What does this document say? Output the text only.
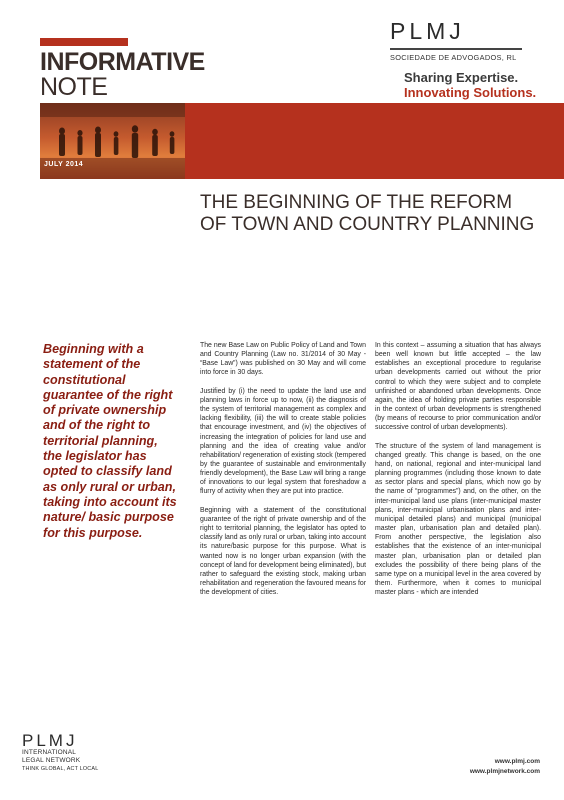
INFORMATIVE
NOTE
PLMJ
SOCIEDADE DE ADVOGADOS, RL
Sharing Expertise.
Innovating Solutions.
JULY 2014
PUBLIC LAW
THE BEGINNING OF THE REFORM OF TOWN AND COUNTRY PLANNING
Beginning with a statement of the constitutional guarantee of the right of private ownership and of the right to territorial planning, the legislator has opted to classify land as only rural or urban, taking into account its nature/ basic purpose for this purpose.

The new Base Law on Public Policy of Land and Town and Country Planning (Law no. 31/2014 of 30 May - “Base Law”) was published on 30 May and will come into force in 30 days.

Justified by (i) the need to update the land use and planning laws in force up to now, (ii) the diagnosis of the system of territorial management as complex and lacking flexibility, (iii) the will to create stable policies that encourage investment, and (iv) the objectives of increasing the integration of policies for land use and planning and the idea of creating value and/or rehabilitation/ regeneration of existing stock (tempered by the guarantee of sustainable and environmentally friendly development), the Base Law will bring a range of innovations to our legal system that foreshadow a flurry of activity when they are put into practice.

Beginning with a statement of the constitutional guarantee of the right of private ownership and of the right to territorial planning, the legislator has opted to classify land as only rural or urban, taking into account its nature/basic purpose for this purpose. What is wanted now is no longer urban expansion (with the concept of land for development being eliminated), but rather to safeguard the existing stock, making urban rehabilitation and regeneration the favoured means for the development of cities.

In this context – assuming a situation that has always been well known but little accepted – the law establishes an exceptional procedure to regularise urban developments carried out without the prior control to which they were subject and to complete unfinished or abandoned urban developments. Once again, the idea of holding private parties responsible in the context of urban developments is strengthened (by means of recourse to prior communication and/or successive control of urban developments).

The structure of the system of land management is changed greatly. This change is based, on the one hand, on national, regional and inter-municipal land planning programmes (including those known to date as sector plans and special plans, which now go by the name of “programmes”) and, on the other, on the inter-municipal land use plans (inter-municipal master plans, inter-municipal urbanisation plans and inter-municipal detailed plans) and municipal (municipal master plan, urbanisation plan and detailed plan). From another perspective, the legislation also establishes that the existence of an inter-municipal master plan, urbanisation plan or detailed plan excludes the possibility of there being plans of the same type on a municipal level in the area covered by them. Furthermore, when it comes to municipal master plans - which are intended

PLMJ
INTERNATIONAL
LEGAL NETWORK
THINK GLOBAL, ACT LOCAL
www.plmj.com
www.plmjnetwork.com
